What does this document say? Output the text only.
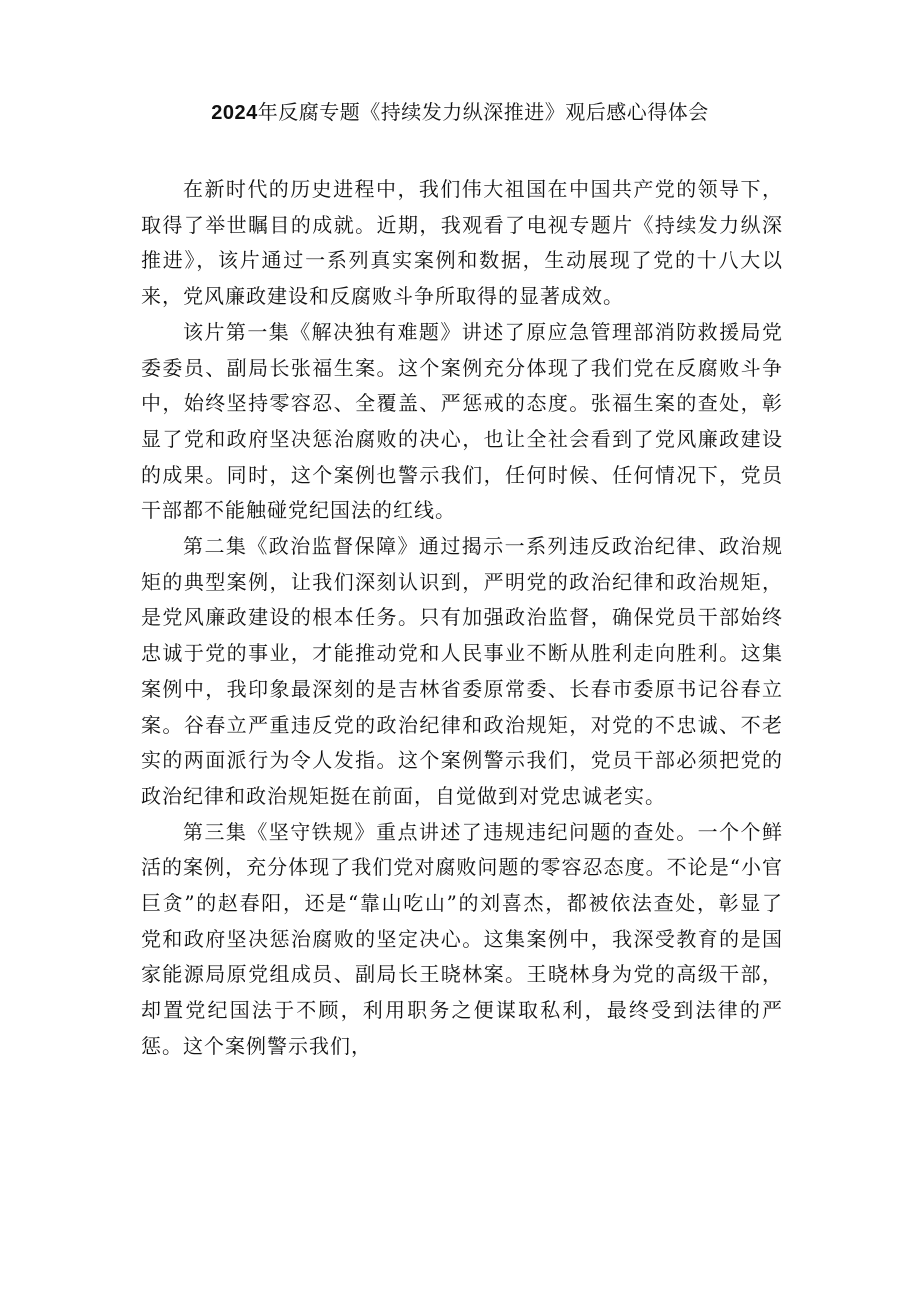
2024年反腐专题《持续发力纵深推进》观后感心得体会

在新时代的历史进程中，我们伟大祖国在中国共产党的领导下，取得了举世瞩目的成就。近期，我观看了电视专题片《持续发力纵深推进》，该片通过一系列真实案例和数据，生动展现了党的十八大以来，党风廉政建设和反腐败斗争所取得的显著成效。

该片第一集《解决独有难题》讲述了原应急管理部消防救援局党委委员、副局长张福生案。这个案例充分体现了我们党在反腐败斗争中，始终坚持零容忍、全覆盖、严惩戒的态度。张福生案的查处，彰显了党和政府坚决惩治腐败的决心，也让全社会看到了党风廉政建设的成果。同时，这个案例也警示我们，任何时候、任何情况下，党员干部都不能触碰党纪国法的红线。

第二集《政治监督保障》通过揭示一系列违反政治纪律、政治规矩的典型案例，让我们深刻认识到，严明党的政治纪律和政治规矩，是党风廉政建设的根本任务。只有加强政治监督，确保党员干部始终忠诚于党的事业，才能推动党和人民事业不断从胜利走向胜利。这集案例中，我印象最深刻的是吉林省委原常委、长春市委原书记谷春立案。谷春立严重违反党的政治纪律和政治规矩，对党的不忠诚、不老实的两面派行为令人发指。这个案例警示我们，党员干部必须把党的政治纪律和政治规矩挺在前面，自觉做到对党忠诚老实。

第三集《坚守铁规》重点讲述了违规违纪问题的查处。一个个鲜活的案例，充分体现了我们党对腐败问题的零容忍态度。不论是“小官巨贪”的赵春阳，还是“靠山吃山”的刘喜杰，都被依法查处，彰显了党和政府坚决惩治腐败的坚定决心。这集案例中，我深受教育的是国家能源局原党组成员、副局长王晓林案。王晓林身为党的高级干部，却置党纪国法于不顾，利用职务之便谋取私利，最终受到法律的严惩。这个案例警示我们，
